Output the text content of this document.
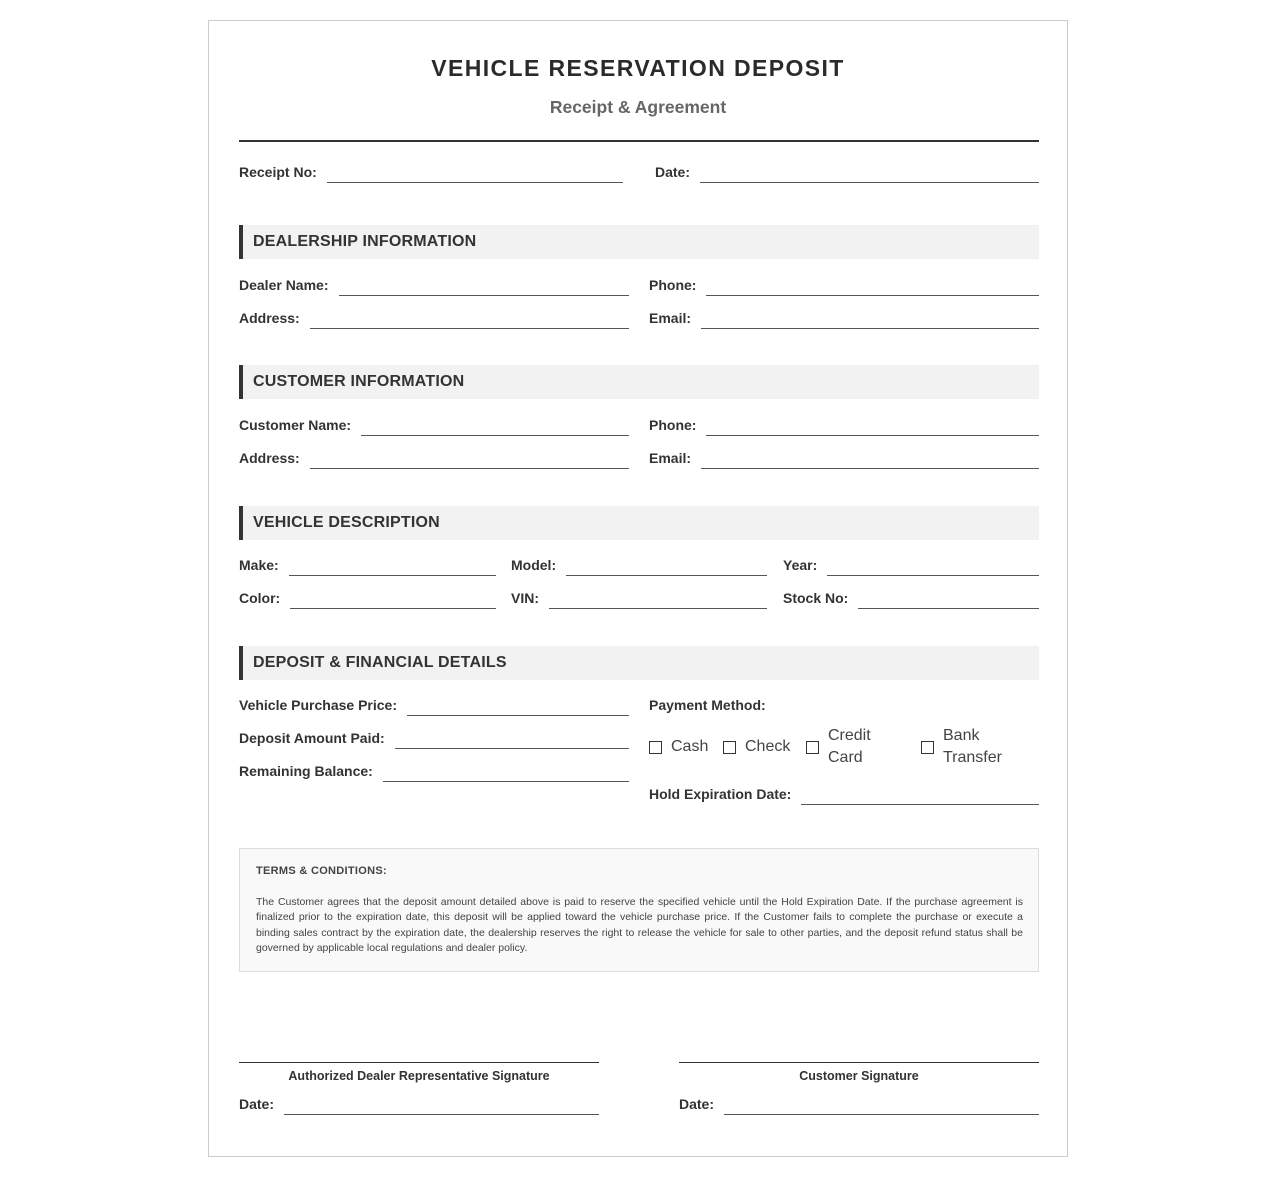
VEHICLE RESERVATION DEPOSIT
Receipt & Agreement
Receipt No:	Date:
DEALERSHIP INFORMATION
Dealer Name:	Phone:
Address:	Email:
CUSTOMER INFORMATION
Customer Name:	Phone:
Address:	Email:
VEHICLE DESCRIPTION
Make:	Model:	Year:
Color:	VIN:	Stock No:
DEPOSIT & FINANCIAL DETAILS
Vehicle Purchase Price:
Deposit Amount Paid:
Remaining Balance:
Payment Method:
Cash Check
Credit Card
Bank Transfer
Hold Expiration Date:
TERMS & CONDITIONS:
The Customer agrees that the deposit amount detailed above is paid to reserve the specified vehicle until the Hold Expiration Date. If the purchase agreement is finalized prior to the expiration date, this deposit will be applied toward the vehicle purchase price. If the Customer fails to complete the purchase or execute a binding sales contract by the expiration date, the dealership reserves the right to release the vehicle for sale to other parties, and the deposit refund status shall be governed by applicable local regulations and dealer policy.
Authorized Dealer Representative Signature	Customer Signature
Date:	Date:
